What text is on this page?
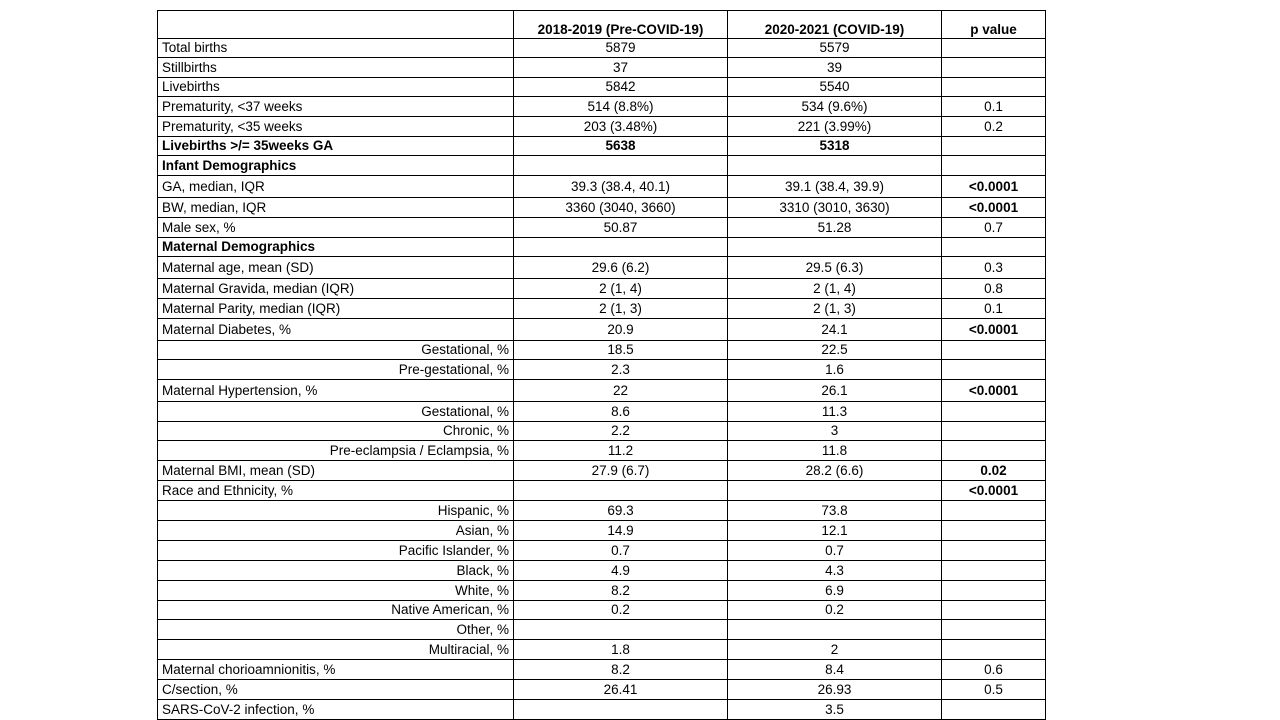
	2018-2019 (Pre-COVID-19)	2020-2021 (COVID-19)	p value
Total births	5879	5579	
Stillbirths	37	39	
Livebirths	5842	5540	
Prematurity, <37 weeks	514 (8.8%)	534 (9.6%)	0.1
Prematurity, <35 weeks	203 (3.48%)	221 (3.99%)	0.2
Livebirths >/= 35weeks GA	5638	5318	
Infant Demographics			
GA, median, IQR	39.3 (38.4, 40.1)	39.1 (38.4, 39.9)	<0.0001
BW, median, IQR	3360 (3040, 3660)	3310 (3010, 3630)	<0.0001
Male sex, %	50.87	51.28	0.7
Maternal Demographics			
Maternal age, mean (SD)	29.6 (6.2)	29.5 (6.3)	0.3
Maternal Gravida, median (IQR)	2 (1, 4)	2 (1, 4)	0.8
Maternal Parity, median (IQR)	2 (1, 3)	2 (1, 3)	0.1
Maternal Diabetes, %	20.9	24.1	<0.0001
Gestational, %	18.5	22.5	
Pre-gestational, %	2.3	1.6	
Maternal Hypertension, %	22	26.1	<0.0001
Gestational, %	8.6	11.3	
Chronic, %	2.2	3	
Pre-eclampsia / Eclampsia, %	11.2	11.8	
Maternal BMI, mean (SD)	27.9 (6.7)	28.2 (6.6)	0.02
Race and Ethnicity, %			<0.0001
Hispanic, %	69.3	73.8	
Asian, %	14.9	12.1	
Pacific Islander, %	0.7	0.7	
Black, %	4.9	4.3	
White, %	8.2	6.9	
Native American, %	0.2	0.2	
Other, %			
Multiracial, %	1.8	2	
Maternal chorioamnionitis, %	8.2	8.4	0.6
C/section, %	26.41	26.93	0.5
SARS-CoV-2 infection, %		3.5	
